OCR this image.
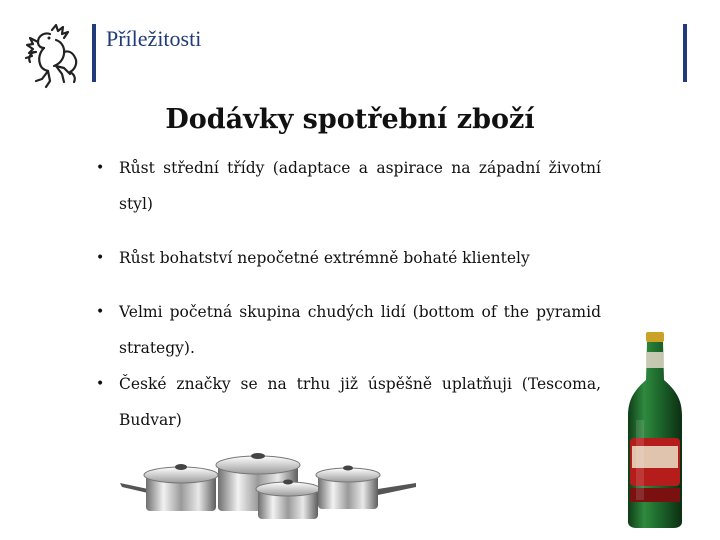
Příležitosti
Dodávky spotřební zboží
• Růst střední třídy (adaptace a aspirace na západní životní styl)
• Růst bohatství nepočetné extrémně bohaté klientely
• Velmi početná skupina chudých lidí (bottom of the pyramid strategy).
• České značky se na trhu již úspěšně uplatňuji (Tescoma, Budvar)
